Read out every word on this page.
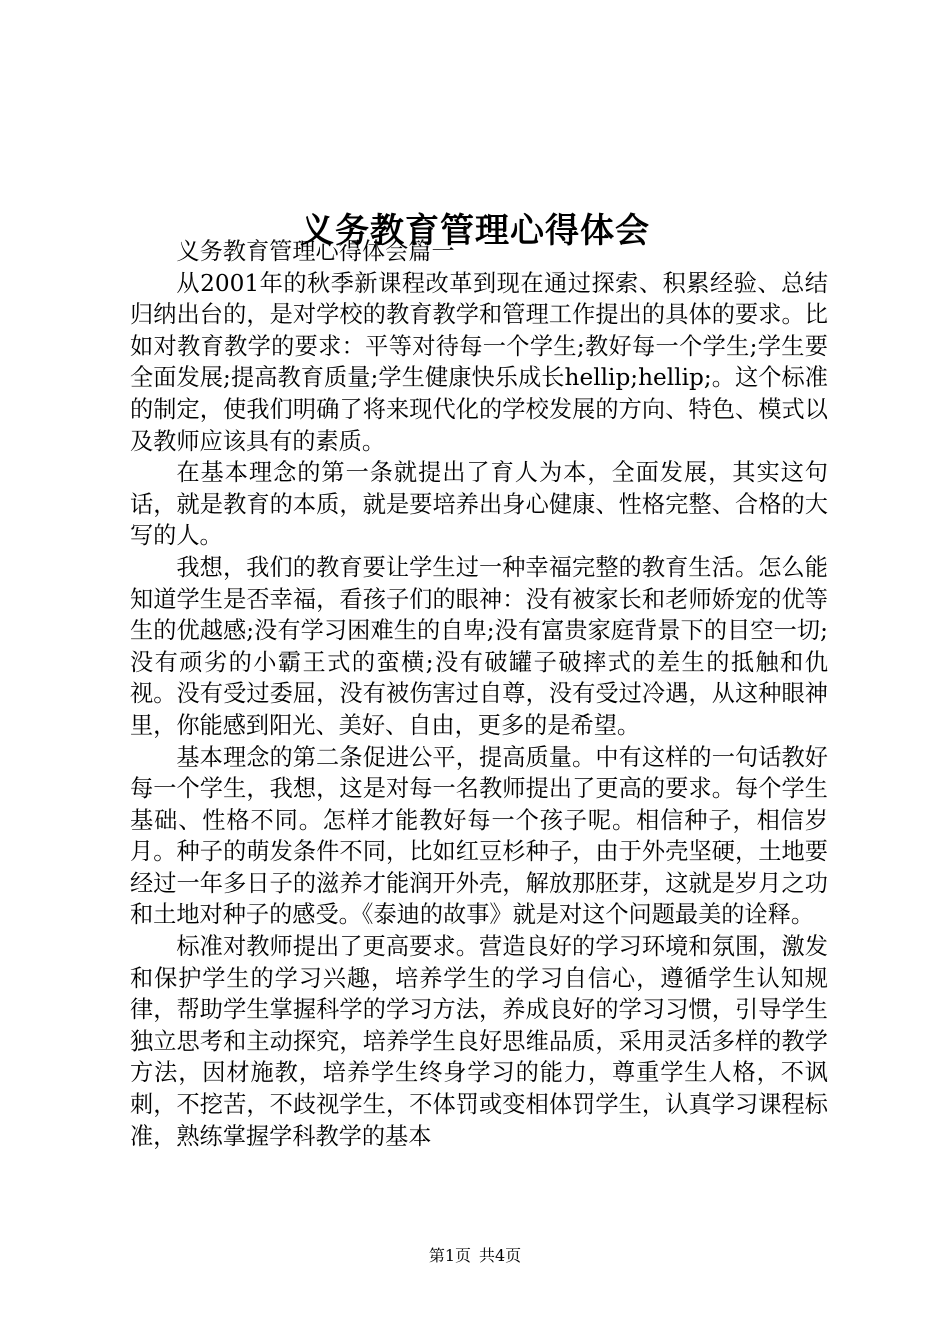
义务教育管理心得体会

义务教育管理心得体会篇一

从2001年的秋季新课程改革到现在通过探索、积累经验、总结归纳出台的，是对学校的教育教学和管理工作提出的具体的要求。比如对教育教学的要求：平等对待每一个学生;教好每一个学生;学生要全面发展;提高教育质量;学生健康快乐成长hellip;hellip;。这个标准的制定，使我们明确了将来现代化的学校发展的方向、特色、模式以及教师应该具有的素质。

在基本理念的第一条就提出了育人为本，全面发展，其实这句话，就是教育的本质，就是要培养出身心健康、性格完整、合格的大写的人。

我想，我们的教育要让学生过一种幸福完整的教育生活。怎么能知道学生是否幸福，看孩子们的眼神：没有被家长和老师娇宠的优等生的优越感;没有学习困难生的自卑;没有富贵家庭背景下的目空一切;没有顽劣的小霸王式的蛮横;没有破罐子破摔式的差生的抵触和仇视。没有受过委屈，没有被伤害过自尊，没有受过冷遇，从这种眼神里，你能感到阳光、美好、自由，更多的是希望。

基本理念的第二条促进公平，提高质量。中有这样的一句话教好每一个学生，我想，这是对每一名教师提出了更高的要求。每个学生基础、性格不同。怎样才能教好每一个孩子呢。相信种子，相信岁月。种子的萌发条件不同，比如红豆杉种子，由于外壳坚硬，土地要经过一年多日子的滋养才能润开外壳，解放那胚芽，这就是岁月之功和土地对种子的感受。《泰迪的故事》就是对这个问题最美的诠释。

标准对教师提出了更高要求。营造良好的学习环境和氛围，激发和保护学生的学习兴趣，培养学生的学习自信心，遵循学生认知规律，帮助学生掌握科学的学习方法，养成良好的学习习惯，引导学生独立思考和主动探究，培养学生良好思维品质，采用灵活多样的教学方法，因材施教，培养学生终身学习的能力，尊重学生人格，不讽刺，不挖苦，不歧视学生，不体罚或变相体罚学生，认真学习课程标准，熟练掌握学科教学的基本

第1页 共4页
